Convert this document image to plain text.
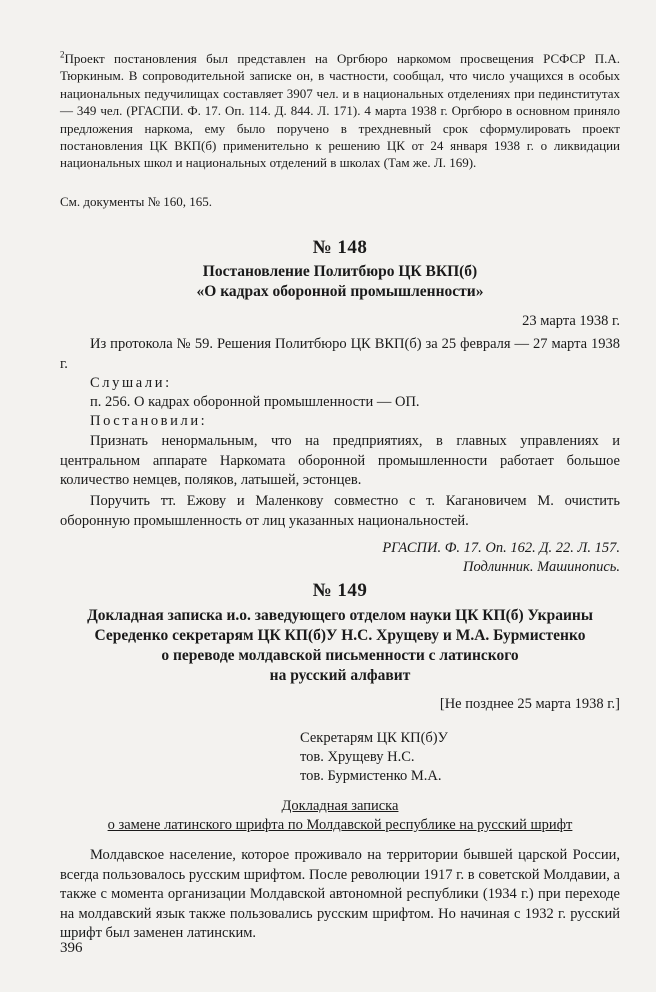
$^2$Проект постановления был представлен на Оргбюро наркомом просвещения РСФСР П.А. Тюркиным. В сопроводительной записке он, в частности, сообщал, что число учащихся в особых национальных педучилищах составляет 3907 чел. и в национальных отделениях при пединститутах — 349 чел. (РГАСПИ. Ф. 17. Оп. 114. Д. 844. Л. 171). 4 марта 1938 г. Оргбюро в основном приняло предложения наркома, ему было поручено в трехдневный срок сформулировать проект постановления ЦК ВКП(б) применительно к решению ЦК от 24 января 1938 г. о ликвидации национальных школ и национальных отделений в школах (Там же. Л. 169).
См. документы № 160, 165.
№ 148
Постановление Политбюро ЦК ВКП(б)
«О кадрах оборонной промышленности»
23 марта 1938 г.
Из протокола № 59. Решения Политбюро ЦК ВКП(б) за 25 февраля — 27 марта 1938 г.
Слушали:
п. 256. О кадрах оборонной промышленности — ОП.
Постановили:
Признать ненормальным, что на предприятиях, в главных управлениях и центральном аппарате Наркомата оборонной промышленности работает большое количество немцев, поляков, латышей, эстонцев.
Поручить тт. Ежову и Маленкову совместно с т. Кагановичем М. очистить оборонную промышленность от лиц указанных национальностей.
РГАСПИ. Ф. 17. Оп. 162. Д. 22. Л. 157.
Подлинник. Машинопись.
№ 149
Докладная записка и.о. заведующего отделом науки ЦК КП(б) Украины
Середенко секретарям ЦК КП(б)У Н.С. Хрущеву и М.А. Бурмистенко
о переводе молдавской письменности с латинского
на русский алфавит
[Не позднее 25 марта 1938 г.]
Секретарям ЦК КП(б)У
тов. Хрущеву Н.С.
тов. Бурмистенко М.А.
Докладная записка
о замене латинского шрифта по Молдавской республике на русский шрифт
Молдавское население, которое проживало на территории бывшей царской России, всегда пользовалось русским шрифтом. После революции 1917 г. в советской Молдавии, а также с момента организации Молдавской автономной республики (1934 г.) при переходе на молдавский язык также пользовались русским шрифтом. Но начиная с 1932 г. русский шрифт был заменен латинским.
396
